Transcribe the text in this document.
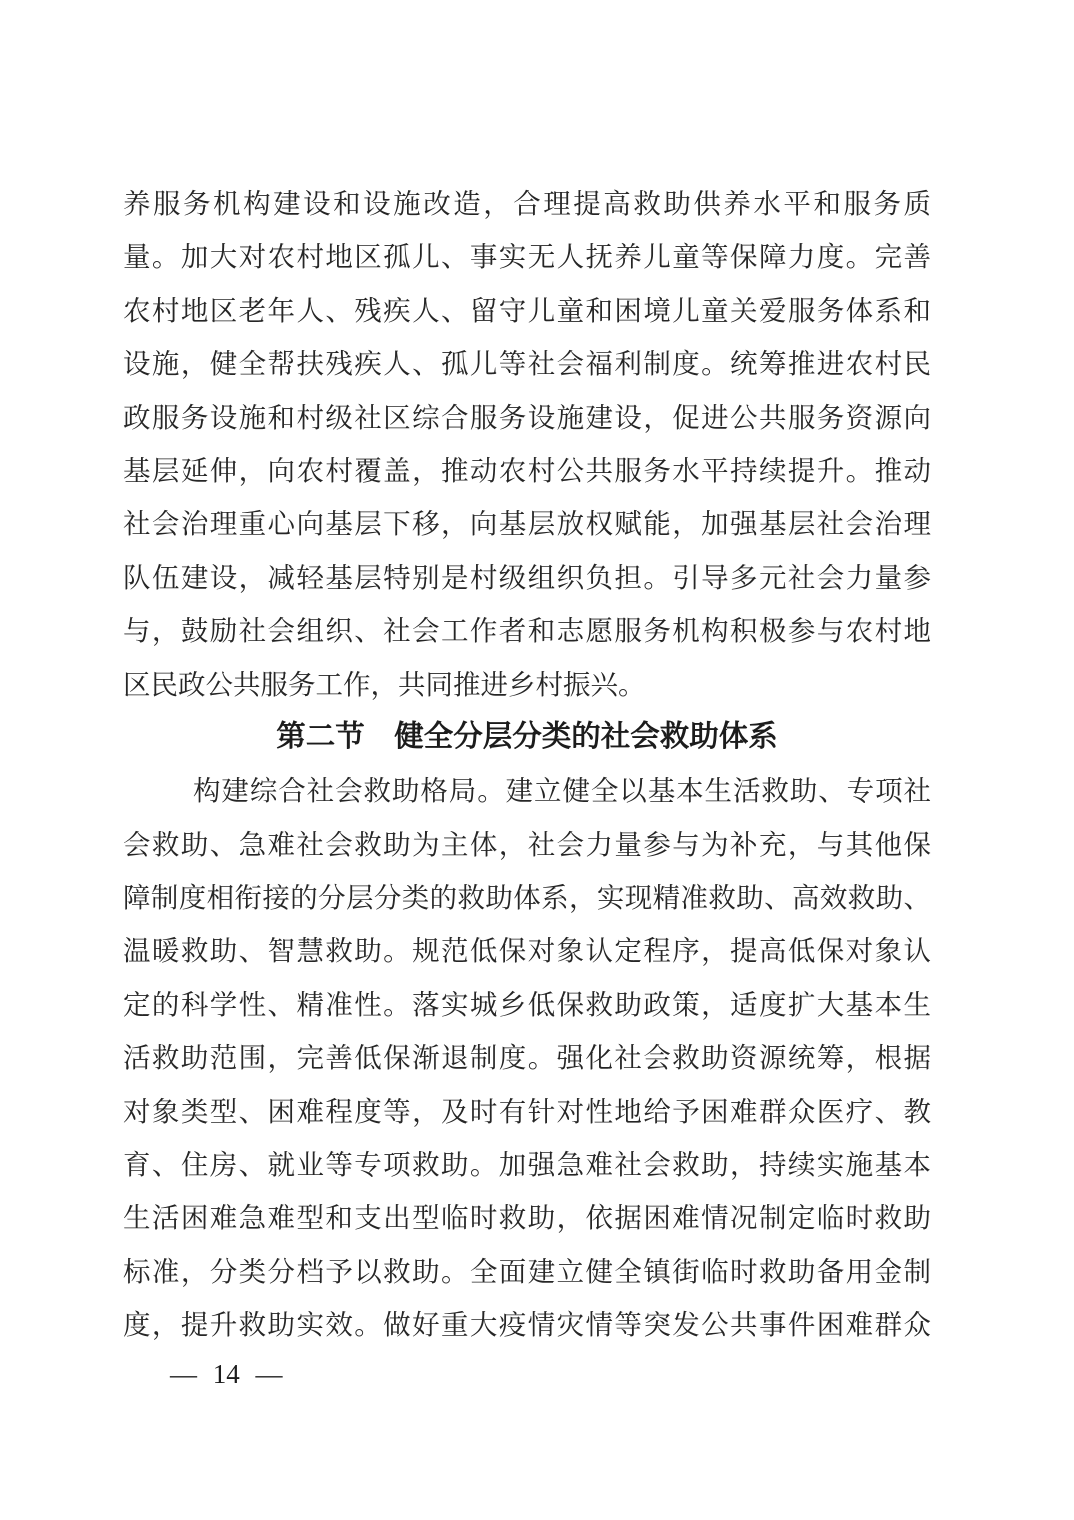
养服务机构建设和设施改造，合理提高救助供养水平和服务质
量。加大对农村地区孤儿、事实无人抚养儿童等保障力度。完善
农村地区老年人、残疾人、留守儿童和困境儿童关爱服务体系和
设施，健全帮扶残疾人、孤儿等社会福利制度。统筹推进农村民
政服务设施和村级社区综合服务设施建设，促进公共服务资源向
基层延伸，向农村覆盖，推动农村公共服务水平持续提升。推动
社会治理重心向基层下移，向基层放权赋能，加强基层社会治理
队伍建设，减轻基层特别是村级组织负担。引导多元社会力量参
与，鼓励社会组织、社会工作者和志愿服务机构积极参与农村地
区民政公共服务工作，共同推进乡村振兴。
第二节　健全分层分类的社会救助体系
构建综合社会救助格局。建立健全以基本生活救助、专项社
会救助、急难社会救助为主体，社会力量参与为补充，与其他保
障制度相衔接的分层分类的救助体系，实现精准救助、高效救助、
温暖救助、智慧救助。规范低保对象认定程序，提高低保对象认
定的科学性、精准性。落实城乡低保救助政策，适度扩大基本生
活救助范围，完善低保渐退制度。强化社会救助资源统筹，根据
对象类型、困难程度等，及时有针对性地给予困难群众医疗、教
育、住房、就业等专项救助。加强急难社会救助，持续实施基本
生活困难急难型和支出型临时救助，依据困难情况制定临时救助
标准，分类分档予以救助。全面建立健全镇街临时救助备用金制
度，提升救助实效。做好重大疫情灾情等突发公共事件困难群众
— 14 —
